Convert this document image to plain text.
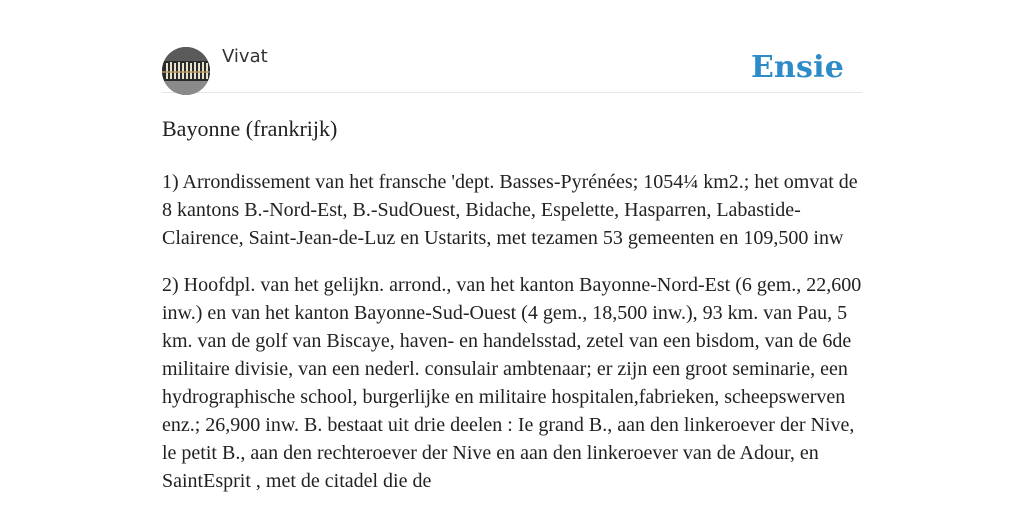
Vivat	Ensie
Bayonne (frankrijk)

1) Arrondissement van het fransche 'dept. Basses-Pyrénées; 1054¼ km2.; het omvat de 8 kantons B.-Nord-Est, B.-SudOuest, Bidache, Espelette, Hasparren, Labastide-Clairence, Saint-Jean-de-Luz en Ustarits, met tezamen 53 gemeenten en 109,500 inw

2) Hoofdpl. van het gelijkn. arrond., van het kanton Bayonne-Nord-Est (6 gem., 22,600 inw.) en van het kanton Bayonne-Sud-Ouest (4 gem., 18,500 inw.), 93 km. van Pau, 5 km. van de golf van Biscaye, haven- en handelsstad, zetel van een bisdom, van de 6de militaire divisie, van een nederl. consulair ambtenaar; er zijn een groot seminarie, een hydrographische school, burgerlijke en militaire hospitalen,fabrieken, scheepswerven enz.; 26,900 inw. B. bestaat uit drie deelen : Ie grand B., aan den linkeroever der Nive, le petit B., aan den rechteroever der Nive en aan den linkeroever van de Adour, en SaintEsprit , met de citadel die de
